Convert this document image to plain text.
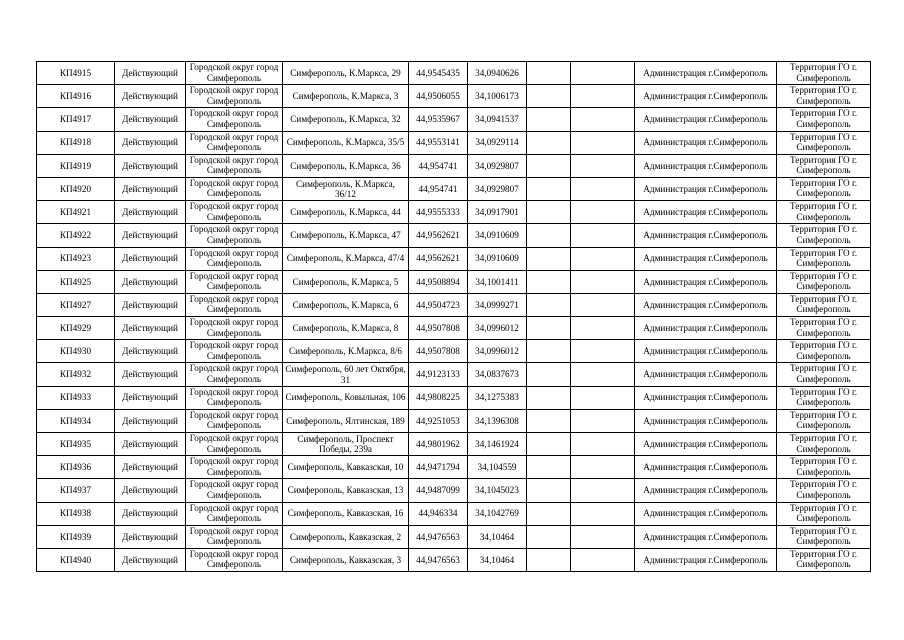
КП4915	Действующий	Городской округ город Симферополь	Симферополь, К.Маркса, 29	44,9545435	34,0940626			Администрация г.Симферополь	Территория ГО г. Симферополь
КП4916	Действующий	Городской округ город Симферополь	Симферополь, К.Маркса, 3	44,9506055	34,1006173			Администрация г.Симферополь	Территория ГО г. Симферополь
КП4917	Действующий	Городской округ город Симферополь	Симферополь, К.Маркса, 32	44,9535967	34,0941537			Администрация г.Симферополь	Территория ГО г. Симферополь
КП4918	Действующий	Городской округ город Симферополь	Симферополь, К.Маркса, 35/5	44,9553141	34,0929114			Администрация г.Симферополь	Территория ГО г. Симферополь
КП4919	Действующий	Городской округ город Симферополь	Симферополь, К.Маркса, 36	44,954741	34,0929807			Администрация г.Симферополь	Территория ГО г. Симферополь
КП4920	Действующий	Городской округ город Симферополь	Симферополь, К.Маркса, 36/12	44,954741	34,0929807			Администрация г.Симферополь	Территория ГО г. Симферополь
КП4921	Действующий	Городской округ город Симферополь	Симферополь, К.Маркса, 44	44,9555333	34,0917901			Администрация г.Симферополь	Территория ГО г. Симферополь
КП4922	Действующий	Городской округ город Симферополь	Симферополь, К.Маркса, 47	44,9562621	34,0910609			Администрация г.Симферополь	Территория ГО г. Симферополь
КП4923	Действующий	Городской округ город Симферополь	Симферополь, К.Маркса, 47/4	44,9562621	34,0910609			Администрация г.Симферополь	Территория ГО г. Симферополь
КП4925	Действующий	Городской округ город Симферополь	Симферополь, К.Маркса, 5	44,9508894	34,1001411			Администрация г.Симферополь	Территория ГО г. Симферополь
КП4927	Действующий	Городской округ город Симферополь	Симферополь, К.Маркса, 6	44,9504723	34,0999271			Администрация г.Симферополь	Территория ГО г. Симферополь
КП4929	Действующий	Городской округ город Симферополь	Симферополь, К.Маркса, 8	44,9507808	34,0996012			Администрация г.Симферополь	Территория ГО г. Симферополь
КП4930	Действующий	Городской округ город Симферополь	Симферополь, К.Маркса, 8/6	44,9507808	34,0996012			Администрация г.Симферополь	Территория ГО г. Симферополь
КП4932	Действующий	Городской округ город Симферополь	Симферополь, 60 лет Октября, 31	44,9123133	34,0837673			Администрация г.Симферополь	Территория ГО г. Симферополь
КП4933	Действующий	Городской округ город Симферополь	Симферополь, Ковыльная, 106	44,9808225	34,1275383			Администрация г.Симферополь	Территория ГО г. Симферополь
КП4934	Действующий	Городской округ город Симферополь	Симферополь, Ялтинская, 189	44,9251053	34,1396308			Администрация г.Симферополь	Территория ГО г. Симферополь
КП4935	Действующий	Городской округ город Симферополь	Симферополь, Проспект Победы, 239а	44,9801962	34,1461924			Администрация г.Симферополь	Территория ГО г. Симферополь
КП4936	Действующий	Городской округ город Симферополь	Симферополь, Кавказская, 10	44,9471794	34,104559			Администрация г.Симферополь	Территория ГО г. Симферополь
КП4937	Действующий	Городской округ город Симферополь	Симферополь, Кавказская, 13	44,9487099	34,1045023			Администрация г.Симферополь	Территория ГО г. Симферополь
КП4938	Действующий	Городской округ город Симферополь	Симферополь, Кавказская, 16	44,946334	34,1042769			Администрация г.Симферополь	Территория ГО г. Симферополь
КП4939	Действующий	Городской округ город Симферополь	Симферополь, Кавказская, 2	44,9476563	34,10464			Администрация г.Симферополь	Территория ГО г. Симферополь
КП4940	Действующий	Городской округ город Симферополь	Симферополь, Кавказская, 3	44,9476563	34,10464			Администрация г.Симферополь	Территория ГО г. Симферополь
